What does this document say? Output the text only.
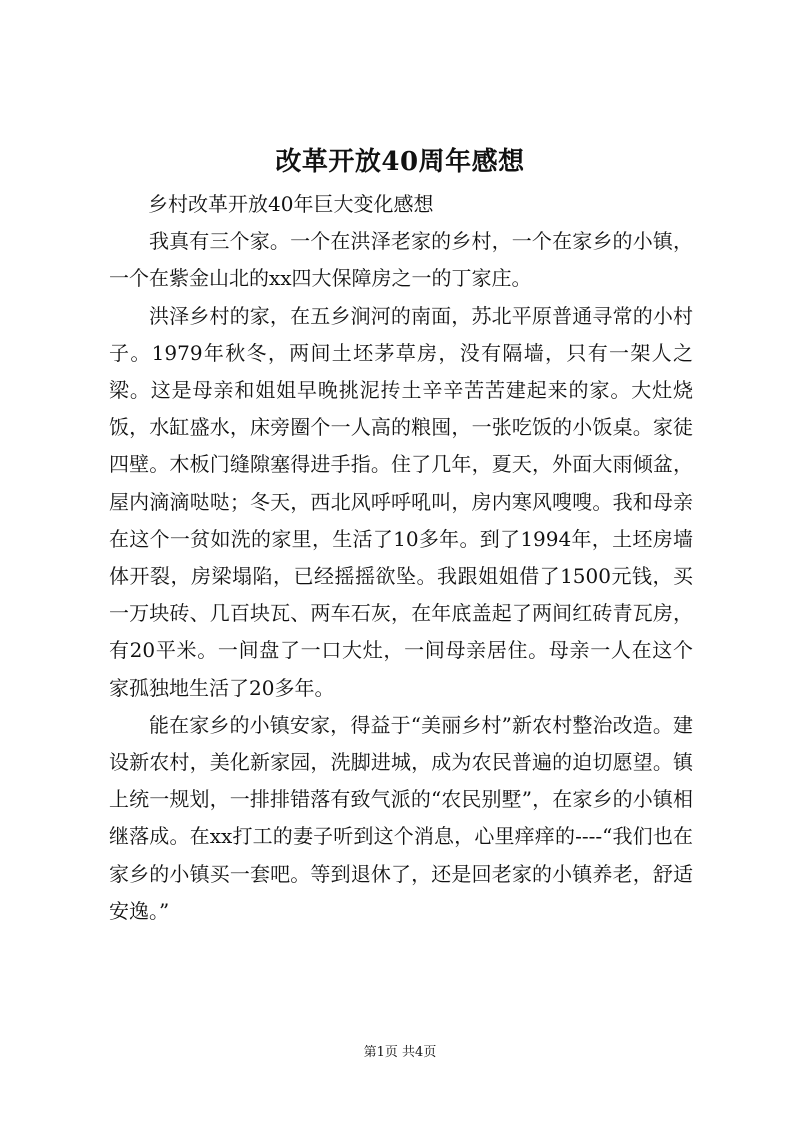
改革开放40周年感想

乡村改革开放40年巨大变化感想

我真有三个家。一个在洪泽老家的乡村，一个在家乡的小镇，一个在紫金山北的xx四大保障房之一的丁家庄。

洪泽乡村的家，在五乡涧河的南面，苏北平原普通寻常的小村子。1979年秋冬，两间土坯茅草房，没有隔墙，只有一架人之梁。这是母亲和姐姐早晚挑泥抟土辛辛苦苦建起来的家。大灶烧饭，水缸盛水，床旁圈个一人高的粮囤，一张吃饭的小饭桌。家徒四壁。木板门缝隙塞得进手指。住了几年，夏天，外面大雨倾盆，屋内滴滴哒哒；冬天，西北风呼呼吼叫，房内寒风嗖嗖。我和母亲在这个一贫如洗的家里，生活了10多年。到了1994年，土坯房墙体开裂，房梁塌陷，已经摇摇欲坠。我跟姐姐借了1500元钱，买一万块砖、几百块瓦、两车石灰，在年底盖起了两间红砖青瓦房，有20平米。一间盘了一口大灶，一间母亲居住。母亲一人在这个家孤独地生活了20多年。

能在家乡的小镇安家，得益于“美丽乡村”新农村整治改造。建设新农村，美化新家园，洗脚进城，成为农民普遍的迫切愿望。镇上统一规划，一排排错落有致气派的“农民别墅”，在家乡的小镇相继落成。在xx打工的妻子听到这个消息，心里痒痒的----“我们也在家乡的小镇买一套吧。等到退休了，还是回老家的小镇养老，舒适安逸。”

第1页 共4页
